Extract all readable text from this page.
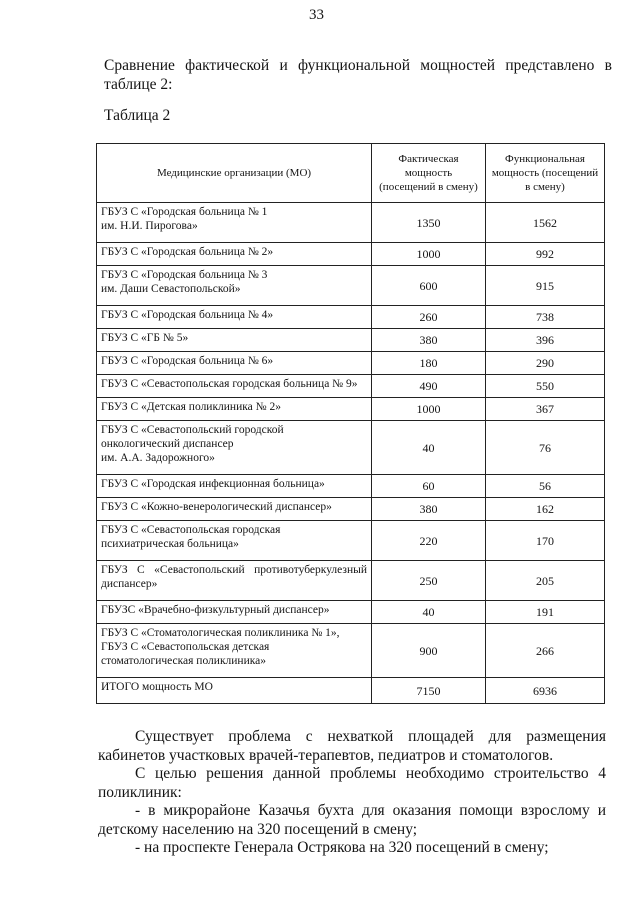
33
Сравнение фактической и функциональной мощностей представлено в таблице 2:
Таблица 2
Медицинские организации (МО)	Фактическая мощность (посещений в смену)	Функциональная мощность (посещений в смену)

ГБУЗ С «Городская больница № 1
им. Н.И. Пирогова»	1350	1562

ГБУЗ С «Городская больница № 2»	1000	992

ГБУЗ С «Городская больница № 3
им. Даши Севастопольской»	600	915

ГБУЗ С «Городская больница № 4»	260	738

ГБУЗ С «ГБ № 5»	380	396

ГБУЗ С «Городская больница № 6»	180	290

ГБУЗ С «Севастопольская городская больница № 9»	490	550

ГБУЗ С «Детская поликлиника № 2»	1000	367

ГБУЗ С «Севастопольский городской
онкологический диспансер
им. А.А. Задорожного»	40	76

ГБУЗ С «Городская инфекционная больница»	60	56

ГБУЗ С «Кожно-венерологический диспансер»	380	162

ГБУЗ С «Севастопольская городская
психиатрическая больница»	220	170

ГБУЗ С «Севастопольский противотуберкулезный
диспансер»	250	205

ГБУЗС «Врачебно-физкультурный диспансер»	40	191

ГБУЗ С «Стоматологическая поликлиника № 1»,
ГБУЗ С «Севастопольская детская
стоматологическая поликлиника»	900	266

ИТОГО мощность МО	7150	6936

Существует проблема с нехваткой площадей для размещения кабинетов участковых врачей-терапевтов, педиатров и стоматологов.

С целью решения данной проблемы необходимо строительство 4 поликлиник:

- в микрорайоне Казачья бухта для оказания помощи взрослому и детскому населению на 320 посещений в смену;

- на проспекте Генерала Острякова на 320 посещений в смену;
